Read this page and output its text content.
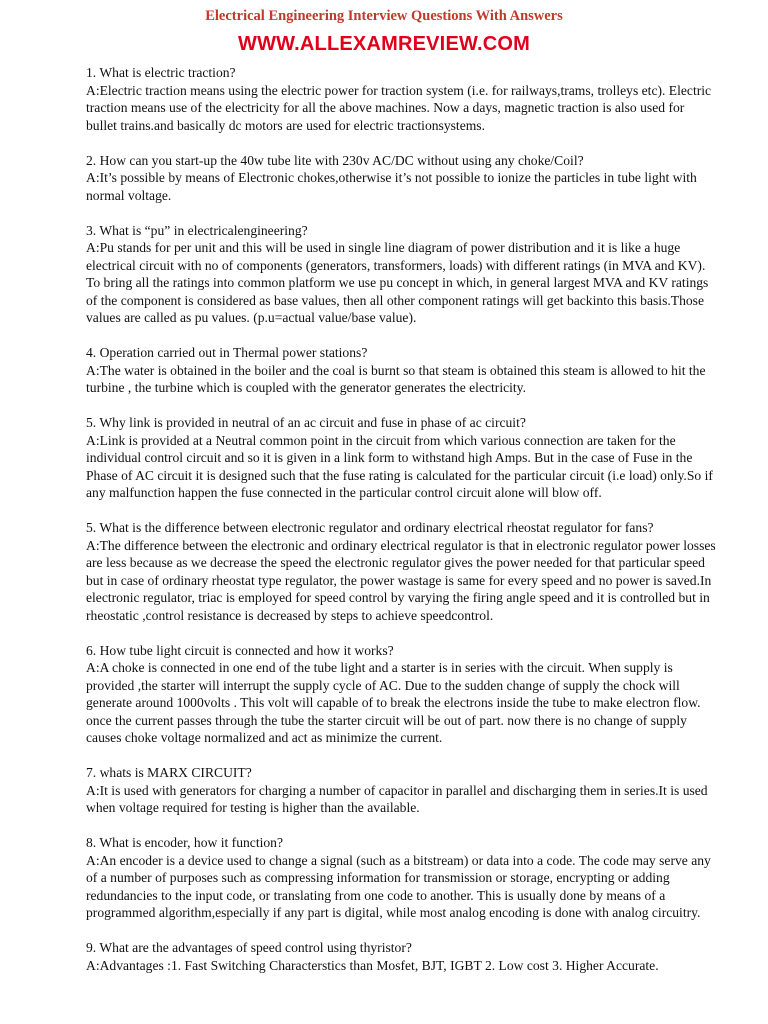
Electrical Engineering Interview Questions With Answers
WWW.ALLEXAMREVIEW.COM

1. What is electric traction?

A:Electric traction means using the electric power for traction system (i.e. for railways,trams, trolleys etc). Electric traction means use of the electricity for all the above machines. Now a days, magnetic traction is also used for bullet trains.and basically dc motors are used for electric tractionsystems.

2. How can you start-up the 40w tube lite with 230v AC/DC without using any choke/Coil?

A:It’s possible by means of Electronic chokes,otherwise it’s not possible to ionize the particles in tube light with normal voltage.

3. What is “pu” in electricalengineering?

A:Pu stands for per unit and this will be used in single line diagram of power distribution and it is like a huge electrical circuit with no of components (generators, transformers, loads) with different ratings (in MVA and KV). To bring all the ratings into common platform we use pu concept in which, in general largest MVA and KV ratings of the component is considered as base values, then all other component ratings will get backinto this basis.Those values are called as pu values. (p.u=actual value/base value).

4. Operation carried out in Thermal power stations?

A:The water is obtained in the boiler and the coal is burnt so that steam is obtained this steam is allowed to hit the turbine , the turbine which is coupled with the generator generates the electricity.

5. Why link is provided in neutral of an ac circuit and fuse in phase of ac circuit?

A:Link is provided at a Neutral common point in the circuit from which various connection are taken for the individual control circuit and so it is given in a link form to withstand high Amps. But in the case of Fuse in the Phase of AC circuit it is designed such that the fuse rating is calculated for the particular circuit (i.e load) only.So if any malfunction happen the fuse connected in the particular control circuit alone will blow off.

5. What is the difference between electronic regulator and ordinary electrical rheostat regulator for fans?

A:The difference between the electronic and ordinary electrical regulator is that in electronic regulator power losses are less because as we decrease the speed the electronic regulator gives the power needed for that particular speed but in case of ordinary rheostat type regulator, the power wastage is same for every speed and no power is saved.In electronic regulator, triac is employed for speed control by varying the firing angle speed and it is controlled but in rheostatic ,control resistance is decreased by steps to achieve speedcontrol.

6. How tube light circuit is connected and how it works?

A:A choke is connected in one end of the tube light and a starter is in series with the circuit. When supply is provided ,the starter will interrupt the supply cycle of AC. Due to the sudden change of supply the chock will generate around 1000volts . This volt will capable of to break the electrons inside the tube to make electron flow. once the current passes through the tube the starter circuit will be out of part. now there is no change of supply causes choke voltage normalized and act as minimize the current.

7. whats is MARX CIRCUIT?

A:It is used with generators for charging a number of capacitor in parallel and discharging them in series.It is used when voltage required for testing is higher than the available.

8. What is encoder, how it function?

A:An encoder is a device used to change a signal (such as a bitstream) or data into a code. The code may serve any of a number of purposes such as compressing information for transmission or storage, encrypting or adding redundancies to the input code, or translating from one code to another. This is usually done by means of a programmed algorithm,especially if any part is digital, while most analog encoding is done with analog circuitry.

9. What are the advantages of speed control using thyristor?

A:Advantages :1. Fast Switching Characterstics than Mosfet, BJT, IGBT 2. Low cost 3. Higher Accurate.
